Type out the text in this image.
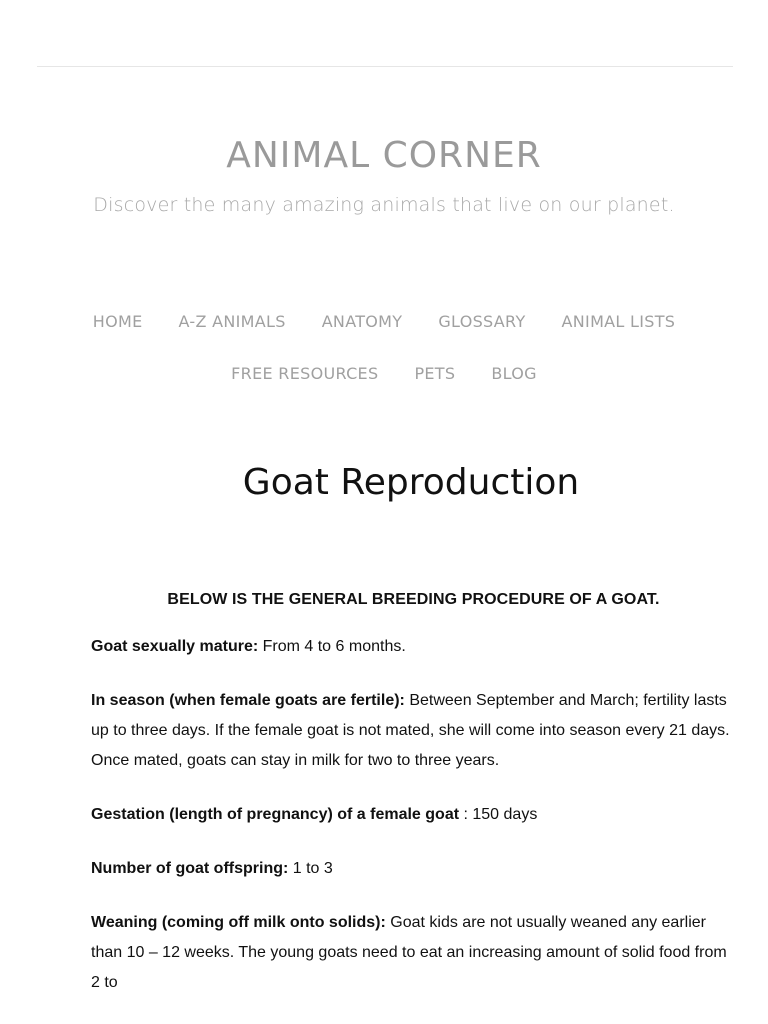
ANIMAL CORNER
Discover the many amazing animals that live on our planet.
HOME A-Z ANIMALS ANATOMY GLOSSARY ANIMAL LISTS
FREE RESOURCES PETS BLOG
Goat Reproduction
BELOW IS THE GENERAL BREEDING PROCEDURE OF A GOAT.

Goat sexually mature: From 4 to 6 months.

In season (when female goats are fertile): Between September and March; fertility lasts up to three days. If the female goat is not mated, she will come into season every 21 days. Once mated, goats can stay in milk for two to three years.

Gestation (length of pregnancy) of a female goat : 150 days

Number of goat offspring: 1 to 3

Weaning (coming off milk onto solids): Goat kids are not usually weaned any earlier than 10 – 12 weeks. The young goats need to eat an increasing amount of solid food from 2 to
